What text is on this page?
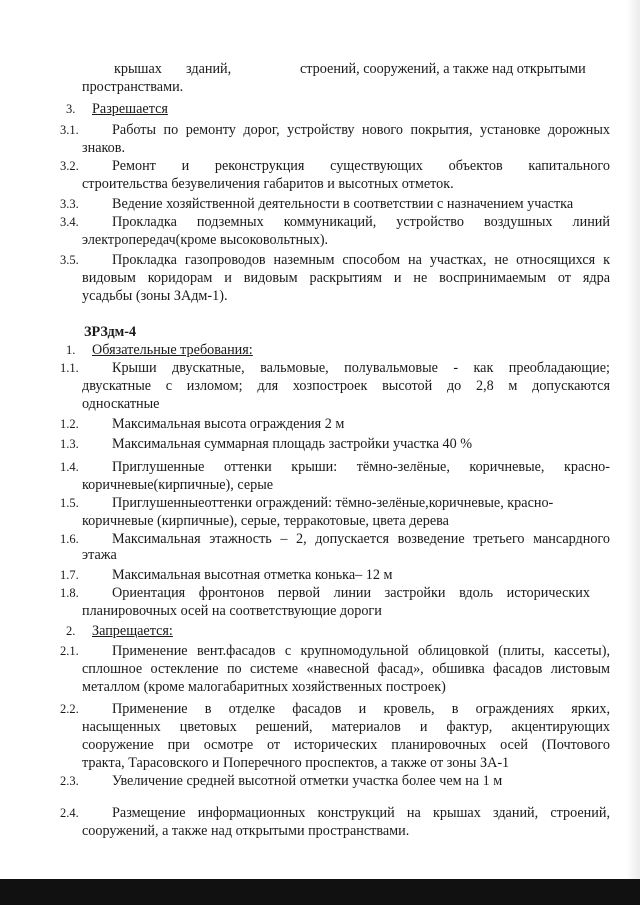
крышах зданий,	строений, сооружений, а также над открытыми
пространствами.
3. Разрешается
3.1. Работы по ремонту дорог, устройству нового покрытия, установке дорожных
знаков.
3.2. Ремонт и реконструкция существующих объектов капитального
строительства безувеличения габаритов и высотных отметок.
3.3. Ведение хозяйственной деятельности в соответствии с назначением участка
3.4. Прокладка подземных коммуникаций, устройство воздушных линий
электропередач(кроме высоковольтных).
3.5. Прокладка газопроводов наземным способом на участках, не относящихся к
видовым коридорам и видовым раскрытиям и не воспринимаемым от ядра
усадьбы (зоны ЗАдм-1).
ЗРЗдм-4
1. Обязательные требования:
1.1. Крыши двускатные, вальмовые, полувальмовые - как преобладающие;
двускатные с изломом; для хозпостроек высотой до 2,8 м допускаются
односкатные
1.2. Максимальная высота ограждения 2 м
1.3. Максимальная суммарная площадь застройки участка 40 %
1.4. Приглушенные оттенки крыши: тёмно-зелёные, коричневые, красно-
коричневые(кирпичные), серые
1.5. Приглушенныеоттенки ограждений: тёмно-зелёные,коричневые, красно-
коричневые (кирпичные), серые, терракотовые, цвета дерева
1.6. Максимальная этажность – 2, допускается возведение третьего мансардного
этажа
1.7. Максимальная высотная отметка конька– 12 м
1.8. Ориентация фронтонов первой линии застройки вдоль исторических
планировочных осей на соответствующие дороги
2. Запрещается:
2.1. Применение вент.фасадов с крупномодульной облицовкой (плиты, кассеты),
сплошное остекление по системе «навесной фасад», обшивка фасадов листовым
металлом (кроме малогабаритных хозяйственных построек)
2.2. Применение в отделке фасадов и кровель, в ограждениях ярких,
насыщенных цветовых решений, материалов и фактур, акцентирующих
сооружение при осмотре от исторических планировочных осей (Почтового
тракта, Тарасовского и Поперечного проспектов, а также от зоны ЗА-1
2.3. Увеличение средней высотной отметки участка более чем на 1 м
2.4. Размещение информационных конструкций на крышах зданий, строений,
сооружений, а также над открытыми пространствами.
